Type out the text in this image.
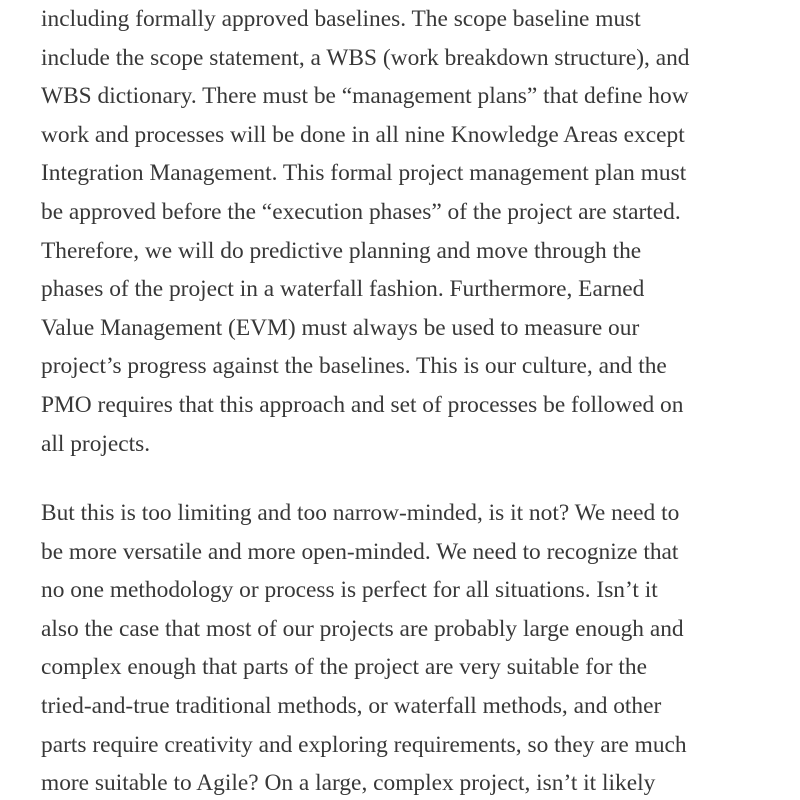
including formally approved baselines. The scope baseline must
include the scope statement, a WBS (work breakdown structure), and
WBS dictionary. There must be “management plans” that define how
work and processes will be done in all nine Knowledge Areas except
Integration Management. This formal project management plan must
be approved before the “execution phases” of the project are started.
Therefore, we will do predictive planning and move through the
phases of the project in a waterfall fashion. Furthermore, Earned
Value Management (EVM) must always be used to measure our
project’s progress against the baselines. This is our culture, and the
PMO requires that this approach and set of processes be followed on
all projects.
But this is too limiting and too narrow-minded, is it not? We need to
be more versatile and more open-minded. We need to recognize that
no one methodology or process is perfect for all situations. Isn’t it
also the case that most of our projects are probably large enough and
complex enough that parts of the project are very suitable for the
tried-and-true traditional methods, or waterfall methods, and other
parts require creativity and exploring requirements, so they are much
more suitable to Agile? On a large, complex project, isn’t it likely
